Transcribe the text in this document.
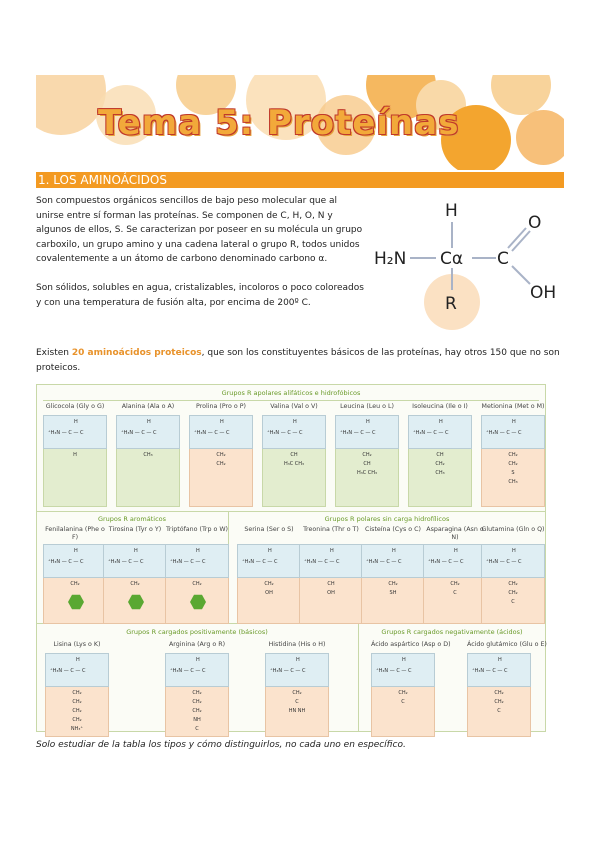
Tema 5: Proteínas
1. LOS AMINOÁCIDOS
Son compuestos orgánicos sencillos de bajo peso molecular que al unirse entre sí forman las proteínas. Se componen de C, H, O, N y algunos de ellos, S. Se caracterizan por poseer en su molécula un grupo carboxilo, un grupo amino y una cadena lateral o grupo R, todos unidos covalentemente a un átomo de carbono denominado carbono α.
Son sólidos, solubles en agua, cristalizables, incoloros o poco coloreados y con una temperatura de fusión alta, por encima de 200º C.
H
H₂N Cα C
O
OH
R
Existen 20 aminoácidos proteicos, que son los constituyentes básicos de las proteínas, hay otros 150 que no son proteicos.
Grupos R apolares alifáticos e hidrofóbicos
Grupos R aromáticos	Grupos R polares sin carga hidrofílicos
Grupos R cargados positivamente (básicos)	Grupos R cargados negativamente (ácidos)
Glicocola (Gly o G)
⁺H₃N — C — C
H
H
Alanina (Ala o A)
⁺H₃N — C — C
H
CH₃
Prolina (Pro o P)
⁺H₃N — C — C
H
CH₂
CH₂
Valina (Val o V)
⁺H₃N — C — C
H
CH
H₃C CH₃
Leucina (Leu o L)
⁺H₃N — C — C
H
CH₂
CH
H₃C CH₃
Isoleucina (Ile o I)
⁺H₃N — C — C
H
CH
CH₂
CH₃
Metionina (Met o M)
⁺H₃N — C — C
H
CH₂
CH₂
S
CH₃
Fenilalanina (Phe o F)
⁺H₃N — C — C
H
CH₂
Tirosina (Tyr o Y)
⁺H₃N — C — C
H
CH₂
Triptófano (Trp o W)
⁺H₃N — C — C
H
CH₂
Serina (Ser o S)
⁺H₃N — C — C
H
CH₂
OH
Treonina (Thr o T)
⁺H₃N — C — C
H
CH
OH
Cisteína (Cys o C)
⁺H₃N — C — C
H
CH₂
SH
Asparagina (Asn o N)
⁺H₃N — C — C
H
CH₂
C
Glutamina (Gln o Q)
⁺H₃N — C — C
H
CH₂
CH₂
C
Lisina (Lys o K)
⁺H₃N — C — C
H
CH₂
CH₂
CH₂
CH₂
NH₃⁺
Arginina (Arg o R)
⁺H₃N — C — C
H
CH₂
CH₂
CH₂
NH
C
Histidina (His o H)
⁺H₃N — C — C
H
CH₂
C
HN NH
Ácido aspártico (Asp o D)
⁺H₃N — C — C
H
CH₂
C
Ácido glutámico (Glu o E)
⁺H₃N — C — C
H
CH₂
CH₂
C
Solo estudiar de la tabla los tipos y cómo distinguirlos, no cada uno en específico.
